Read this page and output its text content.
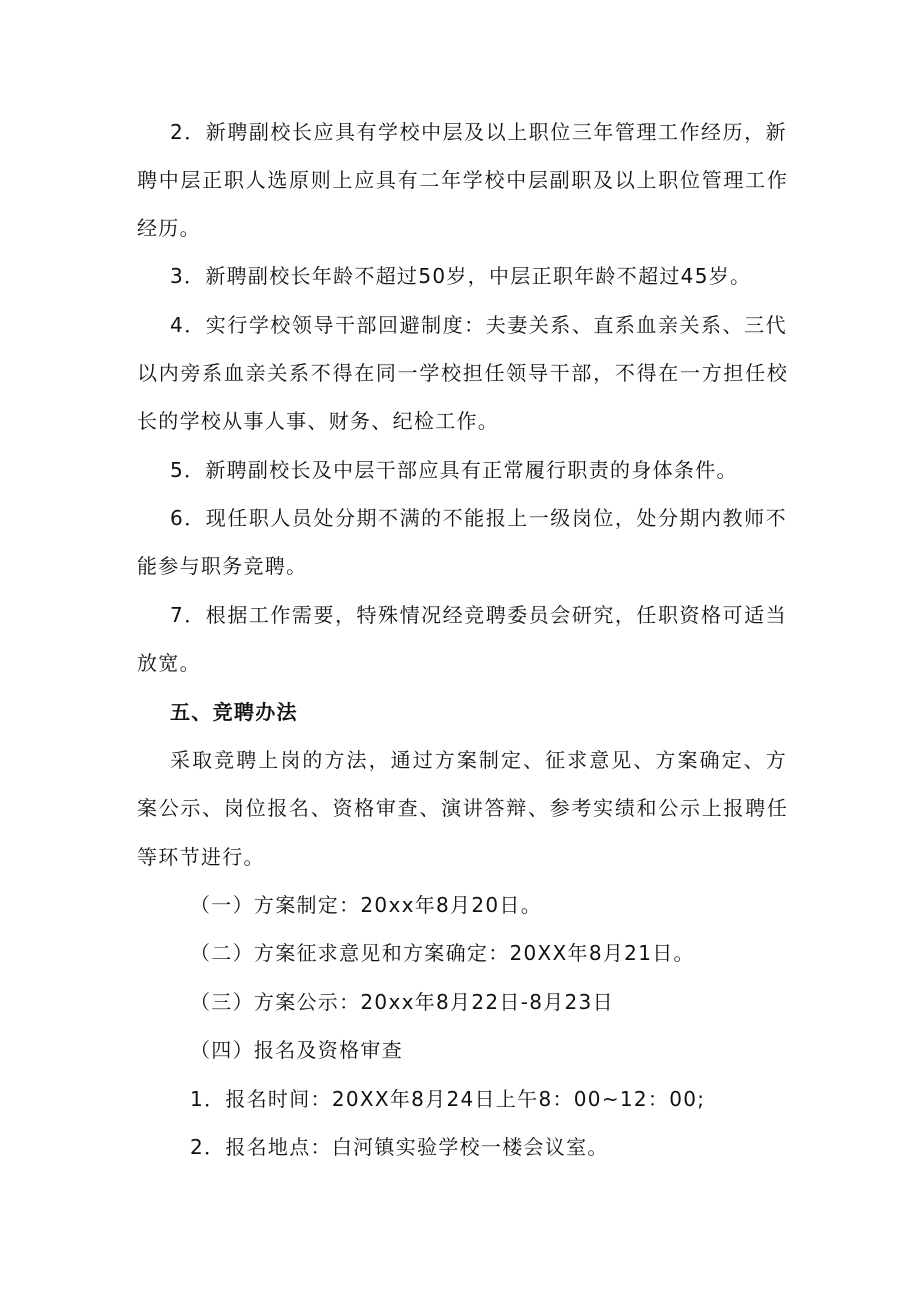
2 ． 新 聘 副 校 长 应 具 有 学 校 中 层 及 以 上 职 位 三 年 管 理 工 作 经 历 ， 新
聘 中 层 正 职 人 选 原 则 上 应 具 有 二 年 学 校 中 层 副 职 及 以 上 职 位 管 理 工 作
经历。
3．新聘副校长年龄不超过50岁，中层正职年龄不超过45岁。
4 ． 实 行 学 校 领 导 干 部 回 避 制 度 ： 夫 妻 关 系 、 直 系 血 亲 关 系 、 三 代
以 内 旁 系 血 亲 关 系 不 得 在 同 一 学 校 担 任 领 导 干 部 ， 不 得 在 一 方 担 任 校
长的学校从事人事、财务、纪检工作。
5．新聘副校长及中层干部应具有正常履行职责的身体条件。
6 ． 现 任 职 人 员 处 分 期 不 满 的 不 能 报 上 一 级 岗 位 ， 处 分 期 内 教 师 不
能参与职务竞聘。
7 ． 根 据 工 作 需 要 ， 特 殊 情 况 经 竞 聘 委 员 会 研 究 ， 任 职 资 格 可 适 当
放宽。
五、竞聘办法
采 取 竞 聘 上 岗 的 方 法 ， 通 过 方 案 制 定 、 征 求 意 见 、 方 案 确 定 、 方
案 公 示 、 岗 位 报 名 、 资 格 审 查 、 演 讲 答 辩 、 参 考 实 绩 和 公 示 上 报 聘 任
等环节进行。
（一）方案制定：20xx年8月20日。
（二）方案征求意见和方案确定：20XX年8月21日。
（三）方案公示：20xx年8月22日-8月23日
（四）报名及资格审查
1．报名时间：20XX年8月24日上午8：00~12：00;
2．报名地点：白河镇实验学校一楼会议室。
